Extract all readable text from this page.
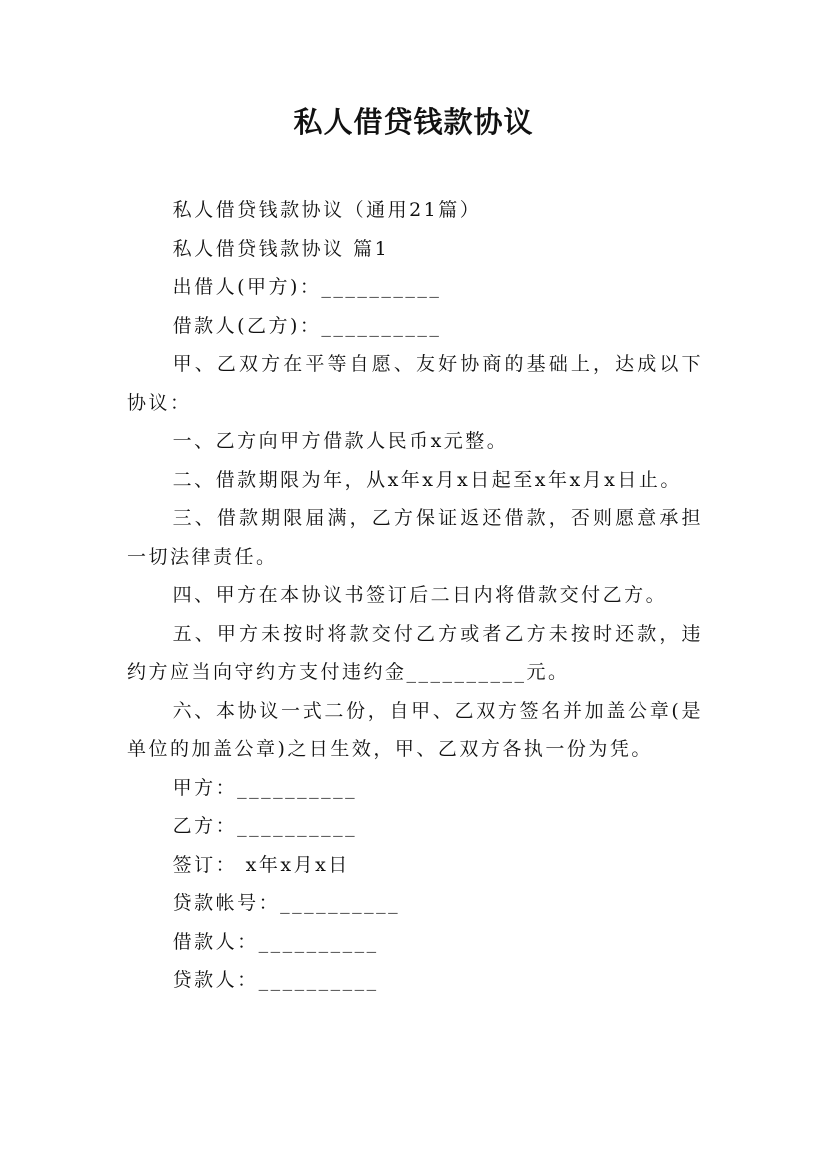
私人借贷钱款协议

私人借贷钱款协议（通用21篇）

私人借贷钱款协议 篇1

出借人(甲方)：__________

借款人(乙方)：__________

甲、乙双方在平等自愿、友好协商的基础上，达成以下协议：

一、乙方向甲方借款人民币x元整。

二、借款期限为年，从x年x月x日起至x年x月x日止。

三、借款期限届满，乙方保证返还借款，否则愿意承担一切法律责任。

四、甲方在本协议书签订后二日内将借款交付乙方。

五、甲方未按时将款交付乙方或者乙方未按时还款，违约方应当向守约方支付违约金__________元。

六、本协议一式二份，自甲、乙双方签名并加盖公章(是单位的加盖公章)之日生效，甲、乙双方各执一份为凭。

甲方：__________

乙方：__________

签订： x年x月x日

贷款帐号：__________

借款人：__________

贷款人：__________
